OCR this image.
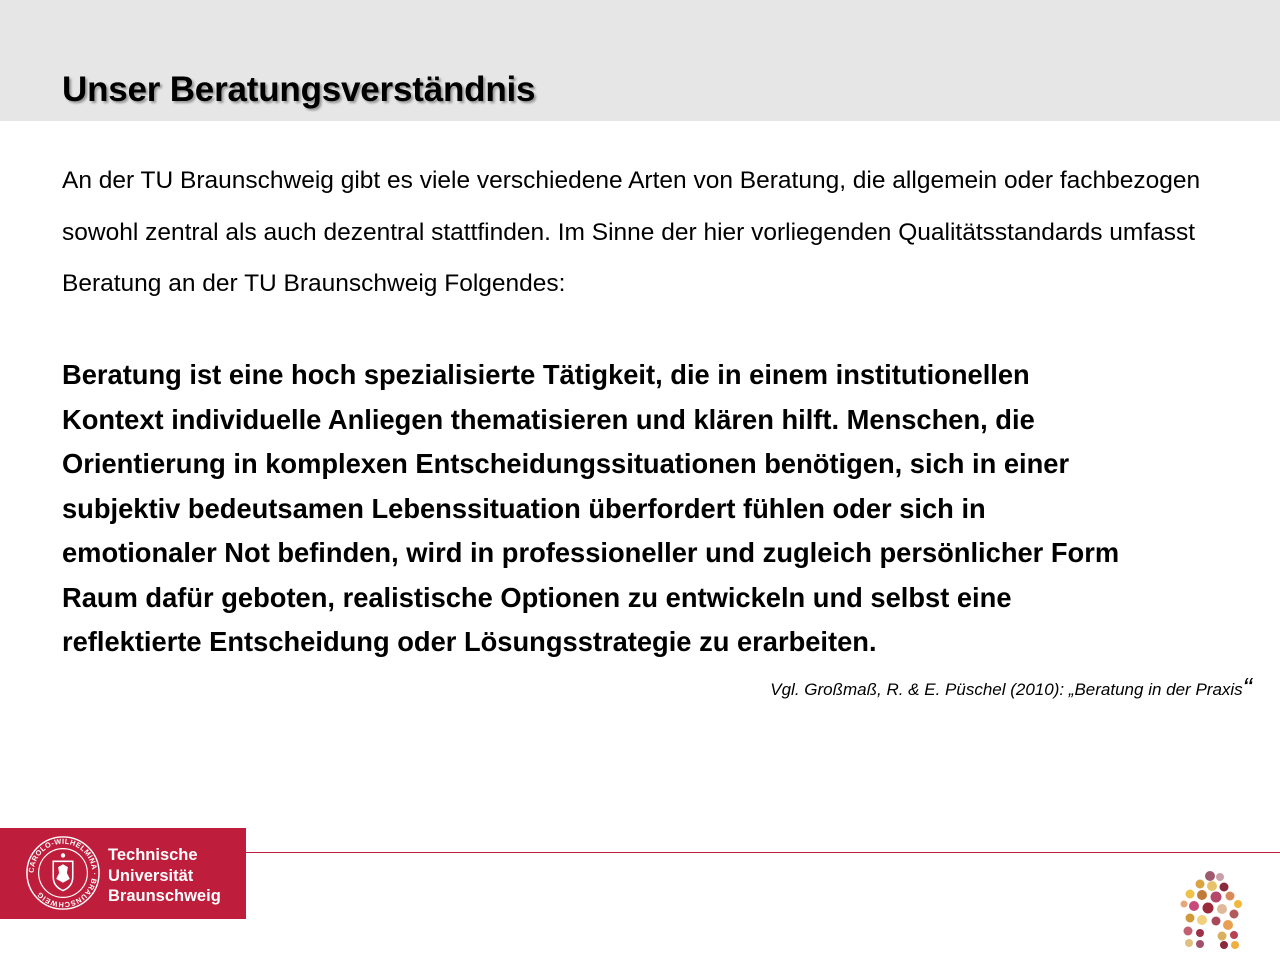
Unser Beratungsverständnis

An der TU Braunschweig gibt es viele verschiedene Arten von Beratung, die allgemein oder fachbezogen sowohl zentral als auch dezentral stattfinden. Im Sinne der hier vorliegenden Qualitätsstandards umfasst Beratung an der TU Braunschweig Folgendes:

Beratung ist eine hoch spezialisierte Tätigkeit, die in einem institutionellen
Kontext individuelle Anliegen thematisieren und klären hilft. Menschen, die
Orientierung in komplexen Entscheidungssituationen benötigen, sich in einer
subjektiv bedeutsamen Lebenssituation überfordert fühlen oder sich in
emotionaler Not befinden, wird in professioneller und zugleich persönlicher Form
Raum dafür geboten, realistische Optionen zu entwickeln und selbst eine
reflektierte Entscheidung oder Lösungsstrategie zu erarbeiten.

Vgl. Großmaß, R. & E. Püschel (2010): „Beratung in der Praxis“

CAROLO-WILHELMINA · BRAUNSCHWEIG
Technische
Universität
Braunschweig
